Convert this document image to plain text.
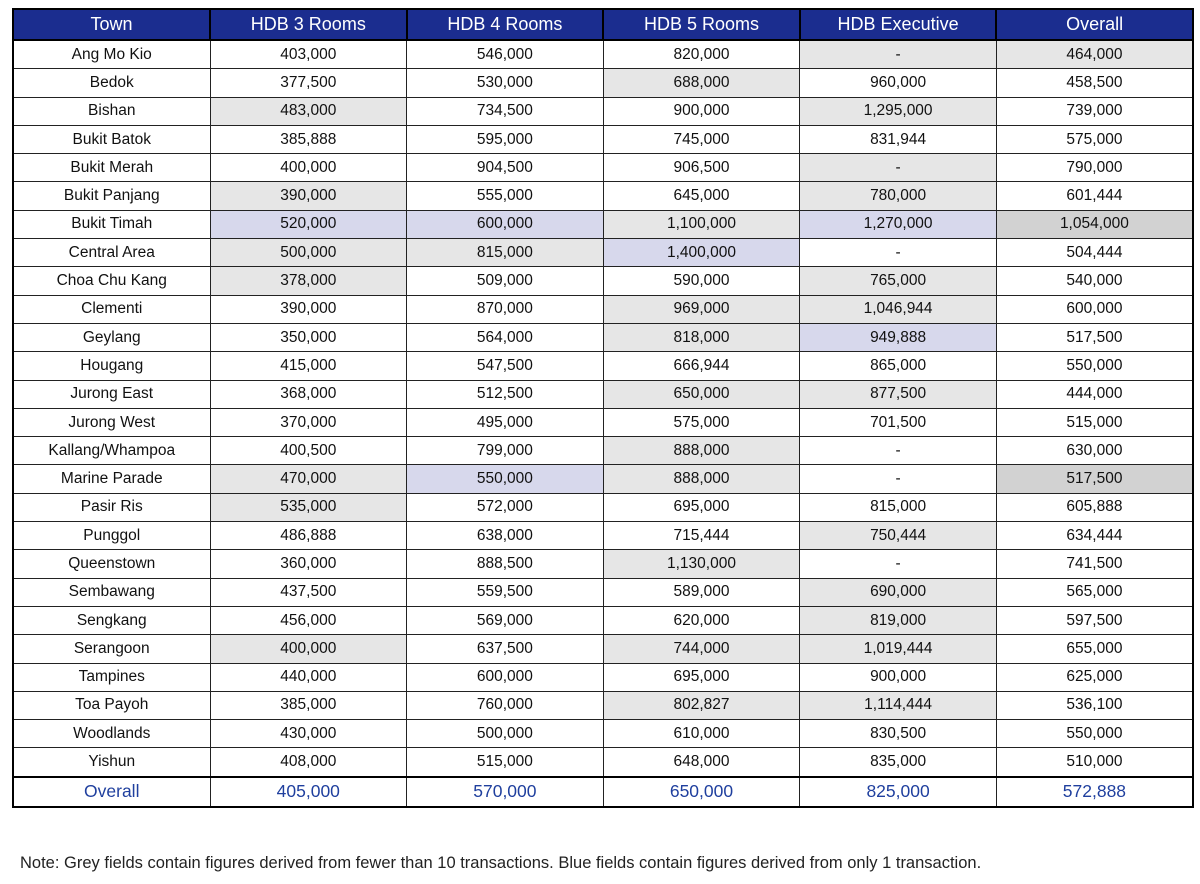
Town	HDB 3 Rooms	HDB 4 Rooms	HDB 5 Rooms	HDB Executive	Overall
Ang Mo Kio	403,000	546,000	820,000	-	464,000
Bedok	377,500	530,000	688,000	960,000	458,500
Bishan	483,000	734,500	900,000	1,295,000	739,000
Bukit Batok	385,888	595,000	745,000	831,944	575,000
Bukit Merah	400,000	904,500	906,500	-	790,000
Bukit Panjang	390,000	555,000	645,000	780,000	601,444
Bukit Timah	520,000	600,000	1,100,000	1,270,000	1,054,000
Central Area	500,000	815,000	1,400,000	-	504,444
Choa Chu Kang	378,000	509,000	590,000	765,000	540,000
Clementi	390,000	870,000	969,000	1,046,944	600,000
Geylang	350,000	564,000	818,000	949,888	517,500
Hougang	415,000	547,500	666,944	865,000	550,000
Jurong East	368,000	512,500	650,000	877,500	444,000
Jurong West	370,000	495,000	575,000	701,500	515,000
Kallang/Whampoa	400,500	799,000	888,000	-	630,000
Marine Parade	470,000	550,000	888,000	-	517,500
Pasir Ris	535,000	572,000	695,000	815,000	605,888
Punggol	486,888	638,000	715,444	750,444	634,444
Queenstown	360,000	888,500	1,130,000	-	741,500
Sembawang	437,500	559,500	589,000	690,000	565,000
Sengkang	456,000	569,000	620,000	819,000	597,500
Serangoon	400,000	637,500	744,000	1,019,444	655,000
Tampines	440,000	600,000	695,000	900,000	625,000
Toa Payoh	385,000	760,000	802,827	1,114,444	536,100
Woodlands	430,000	500,000	610,000	830,500	550,000
Yishun	408,000	515,000	648,000	835,000	510,000
Overall	405,000	570,000	650,000	825,000	572,888
Note: Grey fields contain figures derived from fewer than 10 transactions. Blue fields contain figures derived from only 1 transaction.
